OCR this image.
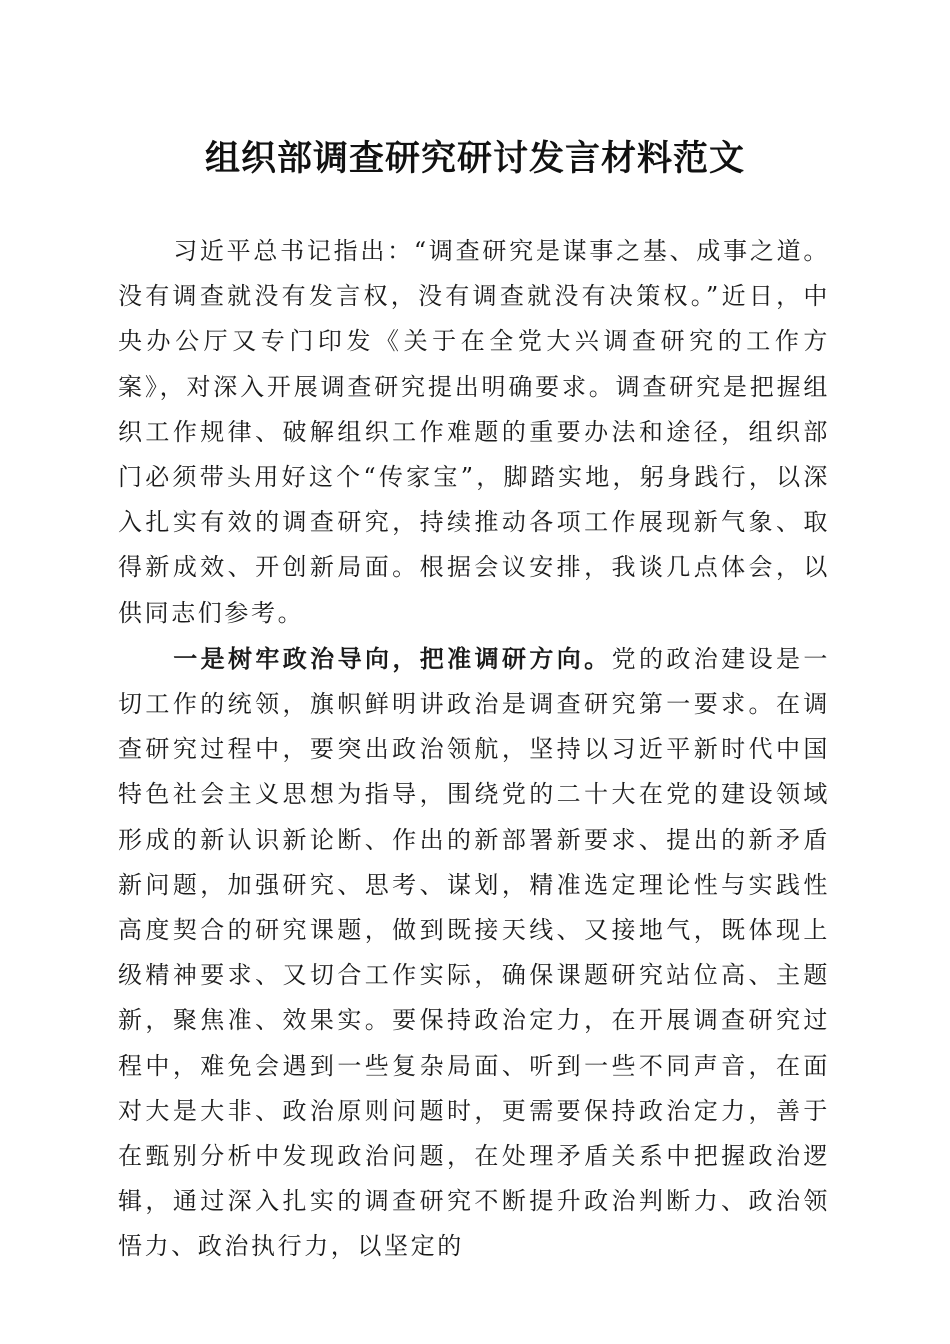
组织部调查研究研讨发言材料范文

习近平总书记指出：“调查研究是谋事之基、成事之道。没有调查就没有发言权，没有调查就没有决策权。”近日，中央办公厅又专门印发《关于在全党大兴调查研究的工作方案》，对深入开展调查研究提出明确要求。调查研究是把握组织工作规律、破解组织工作难题的重要办法和途径，组织部门必须带头用好这个“传家宝”，脚踏实地，躬身践行，以深入扎实有效的调查研究，持续推动各项工作展现新气象、取得新成效、开创新局面。根据会议安排，我谈几点体会，以供同志们参考。

一是树牢政治导向，把准调研方向。党的政治建设是一切工作的统领，旗帜鲜明讲政治是调查研究第一要求。在调查研究过程中，要突出政治领航，坚持以习近平新时代中国特色社会主义思想为指导，围绕党的二十大在党的建设领域形成的新认识新论断、作出的新部署新要求、提出的新矛盾新问题，加强研究、思考、谋划，精准选定理论性与实践性高度契合的研究课题，做到既接天线、又接地气，既体现上级精神要求、又切合工作实际，确保课题研究站位高、主题新，聚焦准、效果实。要保持政治定力，在开展调查研究过程中，难免会遇到一些复杂局面、听到一些不同声音，在面对大是大非、政治原则问题时，更需要保持政治定力，善于在甄别分析中发现政治问题，在处理矛盾关系中把握政治逻辑，通过深入扎实的调查研究不断提升政治判断力、政治领悟力、政治执行力，以坚定的
